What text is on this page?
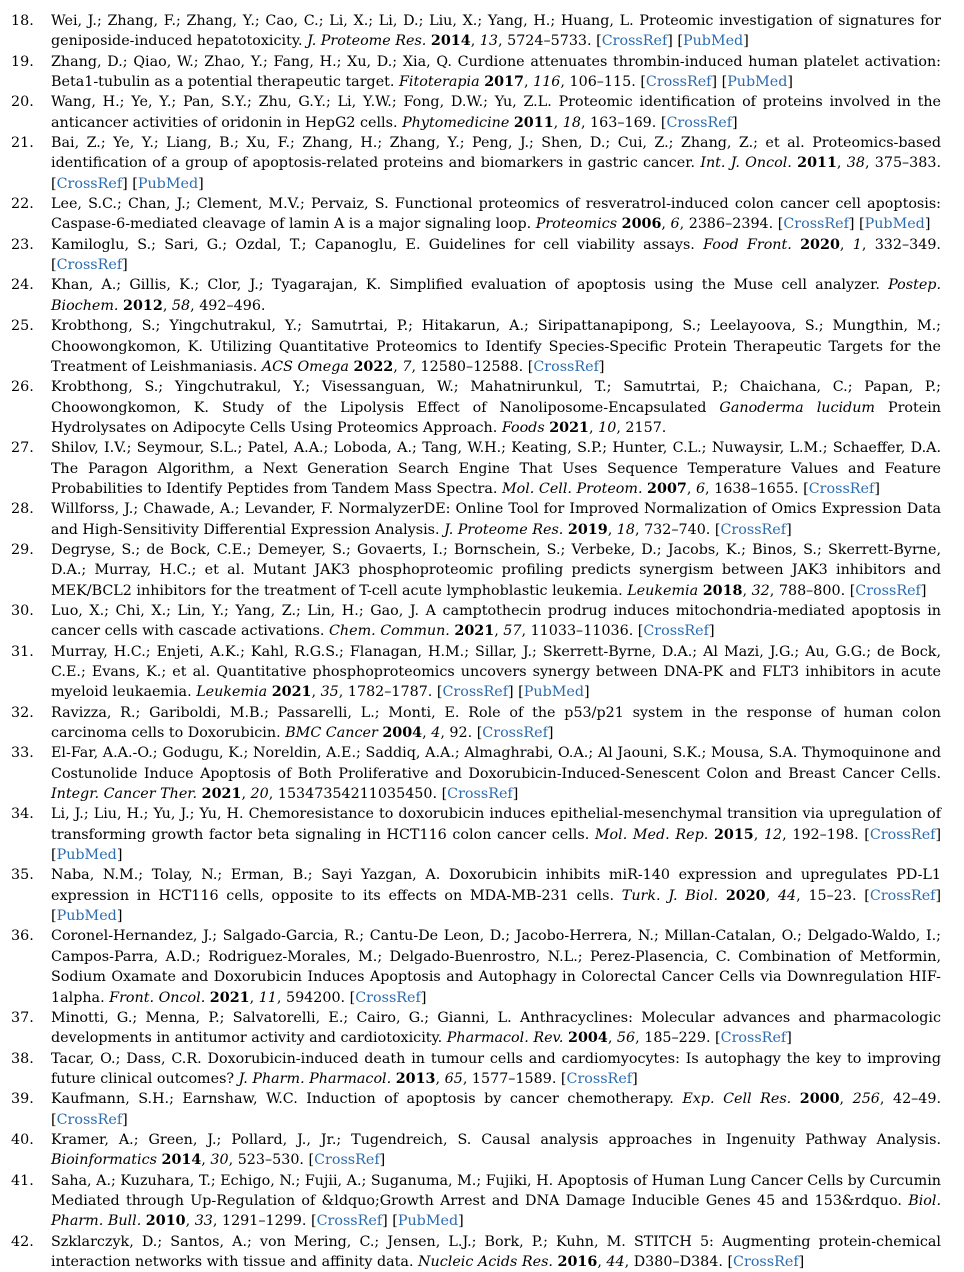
18. Wei, J.; Zhang, F.; Zhang, Y.; Cao, C.; Li, X.; Li, D.; Liu, X.; Yang, H.; Huang, L. Proteomic investigation of signatures for geniposide-induced hepatotoxicity. J. Proteome Res. 2014, 13, 5724–5733. [CrossRef] [PubMed]
19. Zhang, D.; Qiao, W.; Zhao, Y.; Fang, H.; Xu, D.; Xia, Q. Curdione attenuates thrombin-induced human platelet activation: Beta1-tubulin as a potential therapeutic target. Fitoterapia 2017, 116, 106–115. [CrossRef] [PubMed]
20. Wang, H.; Ye, Y.; Pan, S.Y.; Zhu, G.Y.; Li, Y.W.; Fong, D.W.; Yu, Z.L. Proteomic identification of proteins involved in the anticancer activities of oridonin in HepG2 cells. Phytomedicine 2011, 18, 163–169. [CrossRef]
21. Bai, Z.; Ye, Y.; Liang, B.; Xu, F.; Zhang, H.; Zhang, Y.; Peng, J.; Shen, D.; Cui, Z.; Zhang, Z.; et al. Proteomics-based identification of a group of apoptosis-related proteins and biomarkers in gastric cancer. Int. J. Oncol. 2011, 38, 375–383. [CrossRef] [PubMed]
22. Lee, S.C.; Chan, J.; Clement, M.V.; Pervaiz, S. Functional proteomics of resveratrol-induced colon cancer cell apoptosis: Caspase-6-mediated cleavage of lamin A is a major signaling loop. Proteomics 2006, 6, 2386–2394. [CrossRef] [PubMed]
23. Kamiloglu, S.; Sari, G.; Ozdal, T.; Capanoglu, E. Guidelines for cell viability assays. Food Front. 2020, 1, 332–349. [CrossRef]
24. Khan, A.; Gillis, K.; Clor, J.; Tyagarajan, K. Simplified evaluation of apoptosis using the Muse cell analyzer. Postep. Biochem. 2012, 58, 492–496.
25. Krobthong, S.; Yingchutrakul, Y.; Samutrtai, P.; Hitakarun, A.; Siripattanapipong, S.; Leelayoova, S.; Mungthin, M.; Choowongkomon, K. Utilizing Quantitative Proteomics to Identify Species-Specific Protein Therapeutic Targets for the Treatment of Leishmaniasis. ACS Omega 2022, 7, 12580–12588. [CrossRef]
26. Krobthong, S.; Yingchutrakul, Y.; Visessanguan, W.; Mahatnirunkul, T.; Samutrtai, P.; Chaichana, C.; Papan, P.; Choowongkomon, K. Study of the Lipolysis Effect of Nanoliposome-Encapsulated Ganoderma lucidum Protein Hydrolysates on Adipocyte Cells Using Proteomics Approach. Foods 2021, 10, 2157.
27. Shilov, I.V.; Seymour, S.L.; Patel, A.A.; Loboda, A.; Tang, W.H.; Keating, S.P.; Hunter, C.L.; Nuwaysir, L.M.; Schaeffer, D.A. The Paragon Algorithm, a Next Generation Search Engine That Uses Sequence Temperature Values and Feature Probabilities to Identify Peptides from Tandem Mass Spectra. Mol. Cell. Proteom. 2007, 6, 1638–1655. [CrossRef]
28. Willforss, J.; Chawade, A.; Levander, F. NormalyzerDE: Online Tool for Improved Normalization of Omics Expression Data and High-Sensitivity Differential Expression Analysis. J. Proteome Res. 2019, 18, 732–740. [CrossRef]
29. Degryse, S.; de Bock, C.E.; Demeyer, S.; Govaerts, I.; Bornschein, S.; Verbeke, D.; Jacobs, K.; Binos, S.; Skerrett-Byrne, D.A.; Murray, H.C.; et al. Mutant JAK3 phosphoproteomic profiling predicts synergism between JAK3 inhibitors and MEK/BCL2 inhibitors for the treatment of T-cell acute lymphoblastic leukemia. Leukemia 2018, 32, 788–800. [CrossRef]
30. Luo, X.; Chi, X.; Lin, Y.; Yang, Z.; Lin, H.; Gao, J. A camptothecin prodrug induces mitochondria-mediated apoptosis in cancer cells with cascade activations. Chem. Commun. 2021, 57, 11033–11036. [CrossRef]
31. Murray, H.C.; Enjeti, A.K.; Kahl, R.G.S.; Flanagan, H.M.; Sillar, J.; Skerrett-Byrne, D.A.; Al Mazi, J.G.; Au, G.G.; de Bock, C.E.; Evans, K.; et al. Quantitative phosphoproteomics uncovers synergy between DNA-PK and FLT3 inhibitors in acute myeloid leukaemia. Leukemia 2021, 35, 1782–1787. [CrossRef] [PubMed]
32. Ravizza, R.; Gariboldi, M.B.; Passarelli, L.; Monti, E. Role of the p53/p21 system in the response of human colon carcinoma cells to Doxorubicin. BMC Cancer 2004, 4, 92. [CrossRef]
33. El-Far, A.A.-O.; Godugu, K.; Noreldin, A.E.; Saddiq, A.A.; Almaghrabi, O.A.; Al Jaouni, S.K.; Mousa, S.A. Thymoquinone and Costunolide Induce Apoptosis of Both Proliferative and Doxorubicin-Induced-Senescent Colon and Breast Cancer Cells. Integr. Cancer Ther. 2021, 20, 15347354211035450. [CrossRef]
34. Li, J.; Liu, H.; Yu, J.; Yu, H. Chemoresistance to doxorubicin induces epithelial-mesenchymal transition via upregulation of transforming growth factor beta signaling in HCT116 colon cancer cells. Mol. Med. Rep. 2015, 12, 192–198. [CrossRef] [PubMed]
35. Naba, N.M.; Tolay, N.; Erman, B.; Sayi Yazgan, A. Doxorubicin inhibits miR-140 expression and upregulates PD-L1 expression in HCT116 cells, opposite to its effects on MDA-MB-231 cells. Turk. J. Biol. 2020, 44, 15–23. [CrossRef] [PubMed]
36. Coronel-Hernandez, J.; Salgado-Garcia, R.; Cantu-De Leon, D.; Jacobo-Herrera, N.; Millan-Catalan, O.; Delgado-Waldo, I.; Campos-Parra, A.D.; Rodriguez-Morales, M.; Delgado-Buenrostro, N.L.; Perez-Plasencia, C. Combination of Metformin, Sodium Oxamate and Doxorubicin Induces Apoptosis and Autophagy in Colorectal Cancer Cells via Downregulation HIF-1alpha. Front. Oncol. 2021, 11, 594200. [CrossRef]
37. Minotti, G.; Menna, P.; Salvatorelli, E.; Cairo, G.; Gianni, L. Anthracyclines: Molecular advances and pharmacologic developments in antitumor activity and cardiotoxicity. Pharmacol. Rev. 2004, 56, 185–229. [CrossRef]
38. Tacar, O.; Dass, C.R. Doxorubicin-induced death in tumour cells and cardiomyocytes: Is autophagy the key to improving future clinical outcomes? J. Pharm. Pharmacol. 2013, 65, 1577–1589. [CrossRef]
39. Kaufmann, S.H.; Earnshaw, W.C. Induction of apoptosis by cancer chemotherapy. Exp. Cell Res. 2000, 256, 42–49. [CrossRef]
40. Kramer, A.; Green, J.; Pollard, J., Jr.; Tugendreich, S. Causal analysis approaches in Ingenuity Pathway Analysis. Bioinformatics 2014, 30, 523–530. [CrossRef]
41. Saha, A.; Kuzuhara, T.; Echigo, N.; Fujii, A.; Suganuma, M.; Fujiki, H. Apoptosis of Human Lung Cancer Cells by Curcumin Mediated through Up-Regulation of &ldquo;Growth Arrest and DNA Damage Inducible Genes 45 and 153&rdquo. Biol. Pharm. Bull. 2010, 33, 1291–1299. [CrossRef] [PubMed]
42. Szklarczyk, D.; Santos, A.; von Mering, C.; Jensen, L.J.; Bork, P.; Kuhn, M. STITCH 5: Augmenting protein-chemical interaction networks with tissue and affinity data. Nucleic Acids Res. 2016, 44, D380–D384. [CrossRef]
